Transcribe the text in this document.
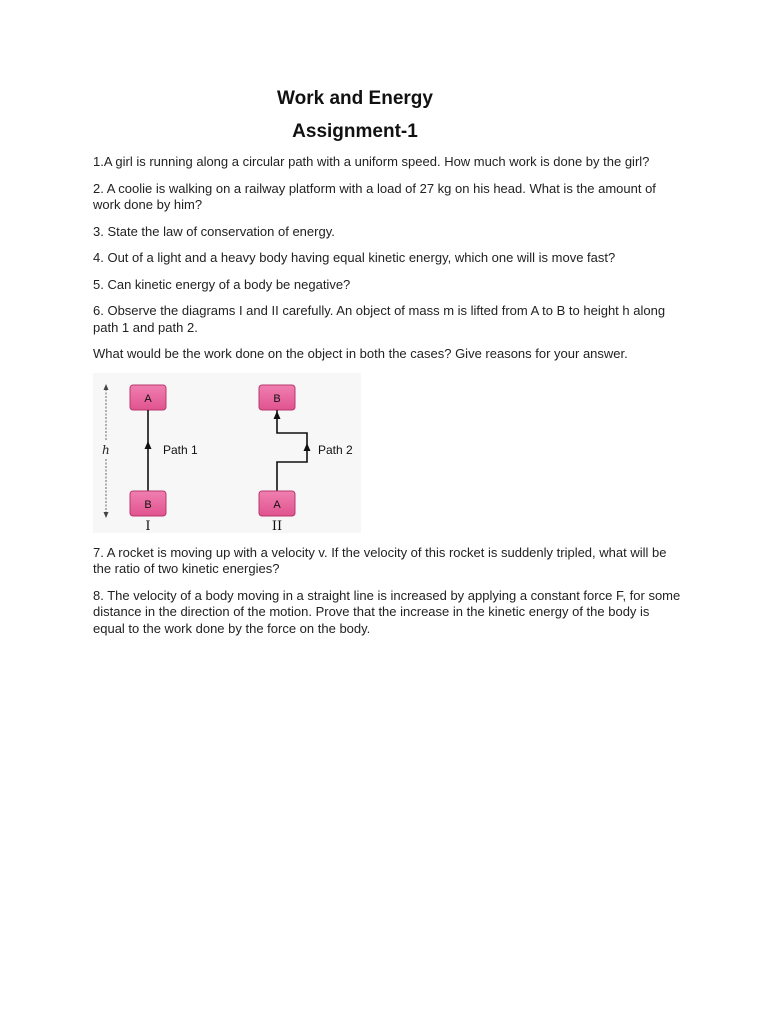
Work and Energy
Assignment-1

1.A girl is running along a circular path with a uniform speed. How much work is done by the girl?

2. A coolie is walking on a railway platform with a load of 27 kg on his head. What is the amount of work done by him?

3. State the law of conservation of energy.

4. Out of a light and a heavy body having equal kinetic energy, which one will is move fast?

5. Can kinetic energy of a body be negative?

6. Observe the diagrams I and II carefully. An object of mass m is lifted from A to B to height h along path 1 and path 2.

What would be the work done on the object in both the cases? Give reasons for your answer.

h
A
Path 1
B
I
B
Path 2
A
II

7. A rocket is moving up with a velocity v. If the velocity of this rocket is suddenly tripled, what will be the ratio of two kinetic energies?

8. The velocity of a body moving in a straight line is increased by applying a constant force F, for some distance in the direction of the motion. Prove that the increase in the kinetic energy of the body is equal to the work done by the force on the body.
